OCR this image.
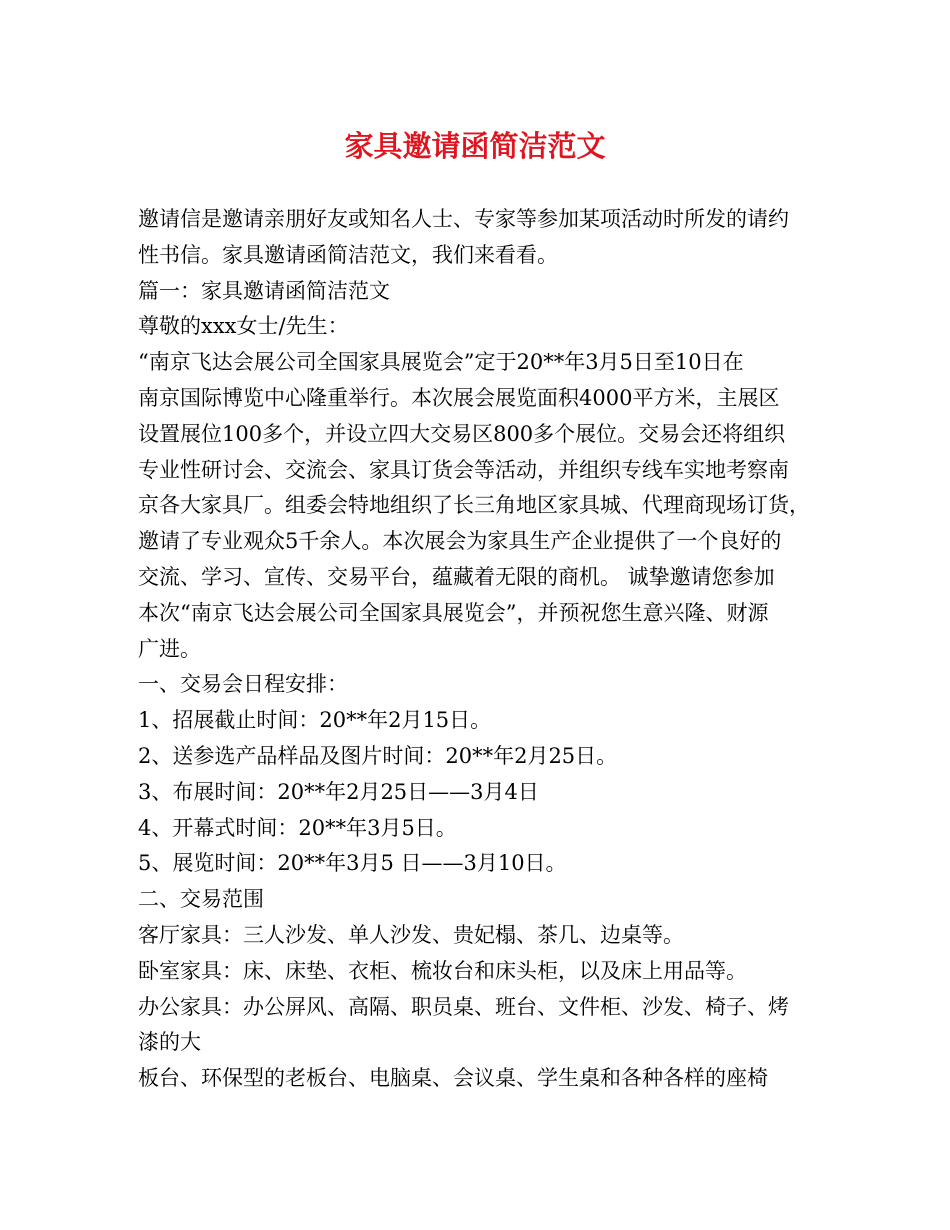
家具邀请函简洁范文
邀请信是邀请亲朋好友或知名人士、专家等参加某项活动时所发的请约
性书信。家具邀请函简洁范文，我们来看看。
篇一：家具邀请函简洁范文
尊敬的xxx女士/先生：
“南京飞达会展公司全国家具展览会”定于20**年3月5日至10日在
南京国际博览中心隆重举行。本次展会展览面积4000平方米，主展区
设置展位100多个，并设立四大交易区800多个展位。交易会还将组织
专业性研讨会、交流会、家具订货会等活动，并组织专线车实地考察南
京各大家具厂。组委会特地组织了长三角地区家具城、代理商现场订货，
邀请了专业观众5千余人。本次展会为家具生产企业提供了一个良好的
交流、学习、宣传、交易平台，蕴藏着无限的商机。 诚挚邀请您参加
本次“南京飞达会展公司全国家具展览会”，并预祝您生意兴隆、财源
广进。
一、交易会日程安排：
1、招展截止时间：20**年2月15日。
2、送参选产品样品及图片时间：20**年2月25日。
3、布展时间：20**年2月25日——3月4日
4、开幕式时间：20**年3月5日。
5、展览时间：20**年3月5 日——3月10日。
二、交易范围
客厅家具：三人沙发、单人沙发、贵妃榻、茶几、边桌等。
卧室家具：床、床垫、衣柜、梳妆台和床头柜，以及床上用品等。
办公家具：办公屏风、高隔、职员桌、班台、文件柜、沙发、椅子、烤
漆的大
板台、环保型的老板台、电脑桌、会议桌、学生桌和各种各样的座椅
